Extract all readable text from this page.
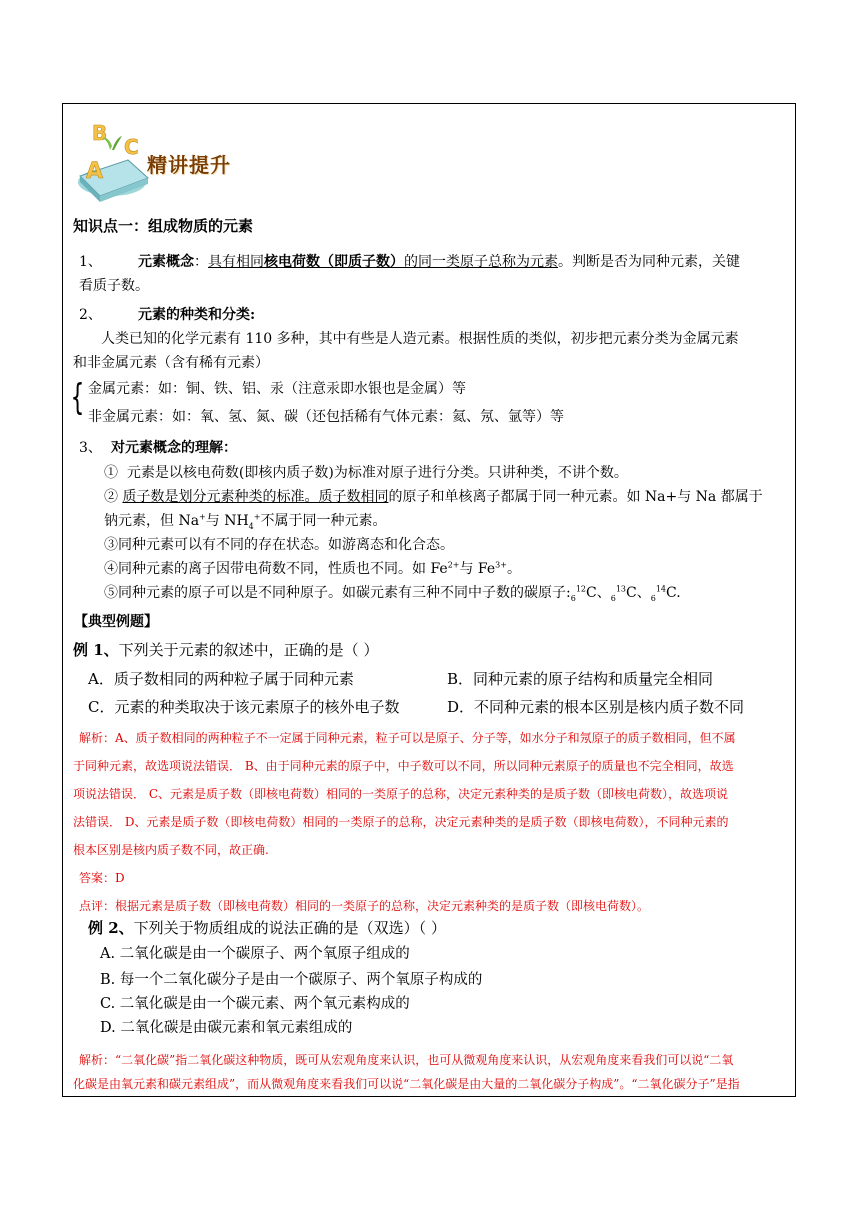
B
C
A 精讲提升
知识点一：组成物质的元素
1、	元素概念：具有相同核电荷数（即质子数）的同一类原子总称为元素。判断是否为同种元素，关键
看质子数。
2、	元素的种类和分类:
人类已知的化学元素有 110 多种，其中有些是人造元素。根据性质的类似，初步把元素分类为金属元素
和非金属元素（含有稀有元素）
{ 金属元素：如：铜、铁、铝、汞（注意汞即水银也是金属）等
非金属元素：如：氧、氢、氮、碳（还包括稀有气体元素：氦、氖、氩等）等
3、 对元素概念的理解：
① 元素是以核电荷数(即核内质子数)为标准对原子进行分类。只讲种类，不讲个数。
② 质子数是划分元素种类的标准。质子数相同的原子和单核离子都属于同一种元素。如 Na+与 Na 都属于
钠元素，但 Na+与 $NH_4^+$不属于同一种元素。
③同种元素可以有不同的存在状态。如游离态和化合态。
④同种元素的离子因带电荷数不同，性质也不同。如 $Fe^{2+}$与 $Fe^{3+}$。
⑤同种元素的原子可以是不同种原子。如碳元素有三种不同中子数的碳原子$:_6^{12}C$、$_6^{13}$C、$_6^{14}$C.
【典型例题】
例 1、下列关于元素的叙述中，正确的是（ ）
A．质子数相同的两种粒子属于同种元素	B．同种元素的原子结构和质量完全相同
C．元素的种类取决于该元素原子的核外电子数	D．不同种元素的根本区别是核内质子数不同
解析：A、质子数相同的两种粒子不一定属于同种元素，粒子可以是原子、分子等，如水分子和氖原子的质子数相同，但不属
于同种元素，故选项说法错误． B、由于同种元素的原子中，中子数可以不同，所以同种元素原子的质量也不完全相同，故选
项说法错误． C、元素是质子数（即核电荷数）相同的一类原子的总称，决定元素种类的是质子数（即核电荷数），故选项说
法错误． D、元素是质子数（即核电荷数）相同的一类原子的总称，决定元素种类的是质子数（即核电荷数），不同种元素的
根本区别是核内质子数不同，故正确.
答案：D
点评：根据元素是质子数（即核电荷数）相同的一类原子的总称，决定元素种类的是质子数（即核电荷数）。
例 2、下列关于物质组成的说法正确的是（双选）（ ）
A. 二氧化碳是由一个碳原子、两个氧原子组成的
B. 每一个二氧化碳分子是由一个碳原子、两个氧原子构成的
C. 二氧化碳是由一个碳元素、两个氧元素构成的
D. 二氧化碳是由碳元素和氧元素组成的
解析：“二氧化碳”指二氧化碳这种物质，既可从宏观角度来认识，也可从微观角度来认识，从宏观角度来看我们可以说“二氧
化碳是由氧元素和碳元素组成”，而从微观角度来看我们可以说“二氧化碳是由大量的二氧化碳分子构成”。“二氧化碳分子”是指
